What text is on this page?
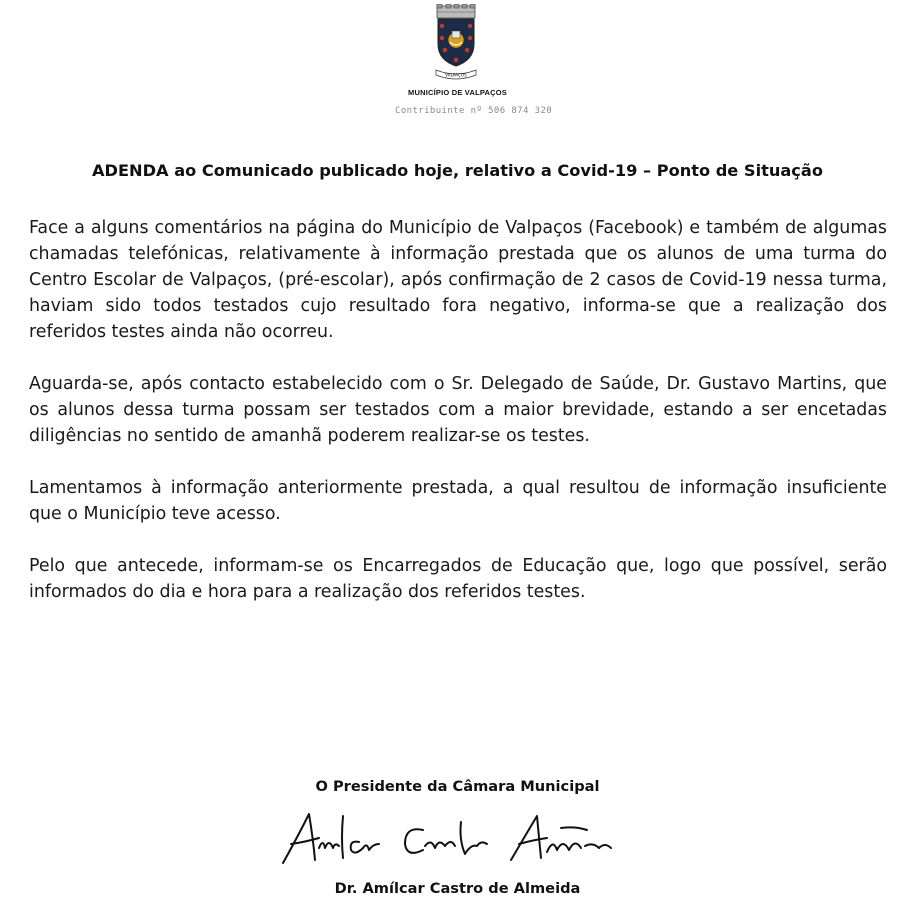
VALPAÇOS
MUNICÍPIO DE VALPAÇOS
Contribuinte nº 506 874 320
ADENDA ao Comunicado publicado hoje, relativo a Covid-19 – Ponto de Situação

Face a alguns comentários na página do Município de Valpaços (Facebook) e também de algumas chamadas telefónicas, relativamente à informação prestada que os alunos de uma turma do Centro Escolar de Valpaços, (pré-escolar), após confirmação de 2 casos de Covid-19 nessa turma, haviam sido todos testados cujo resultado fora negativo, informa-se que a realização dos referidos testes ainda não ocorreu.

Aguarda-se, após contacto estabelecido com o Sr. Delegado de Saúde, Dr. Gustavo Martins, que os alunos dessa turma possam ser testados com a maior brevidade, estando a ser encetadas diligências no sentido de amanhã poderem realizar-se os testes.

Lamentamos à informação anteriormente prestada, a qual resultou de informação insuficiente que o Município teve acesso.

Pelo que antecede, informam-se os Encarregados de Educação que, logo que possível, serão informados do dia e hora para a realização dos referidos testes.

O Presidente da Câmara Municipal
Dr. Amílcar Castro de Almeida
